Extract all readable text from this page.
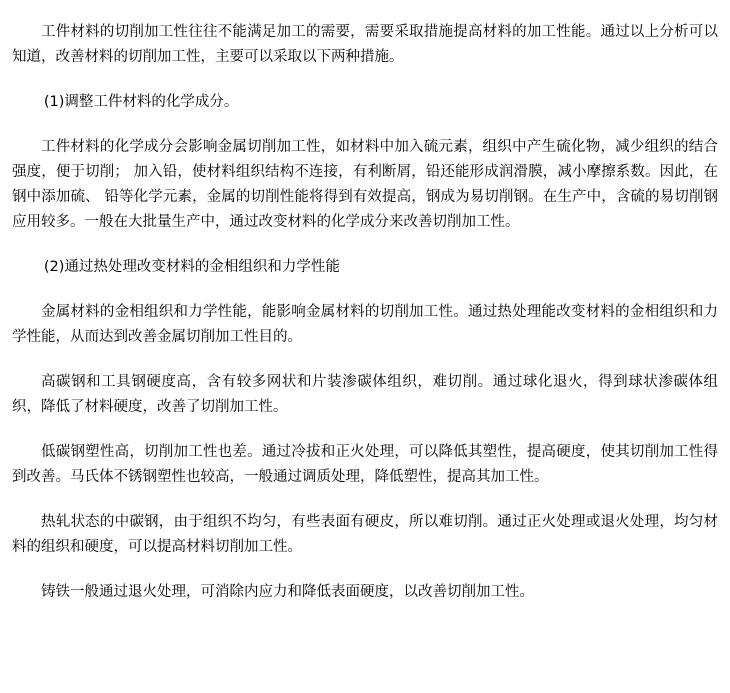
工件材料的切削加工性往往不能满足加工的需要，需要采取措施提高材料的加工性能。通过以上分析可以知道，改善材料的切削加工性，主要可以采取以下两种措施。

(1)调整工件材料的化学成分。

工件材料的化学成分会影响金属切削加工性，如材料中加入硫元素，组织中产生硫化物，减少组织的结合强度，便于切削； 加入铅，使材料组织结构不连接，有利断屑，铅还能形成润滑膜，减小摩擦系数。因此，在钢中添加硫、 铅等化学元素，金属的切削性能将得到有效提高，钢成为易切削钢。在生产中，含硫的易切削钢应用较多。一般在大批量生产中，通过改变材料的化学成分来改善切削加工性。

(2)通过热处理改变材料的金相组织和力学性能

金属材料的金相组织和力学性能，能影响金属材料的切削加工性。通过热处理能改变材料的金相组织和力学性能，从而达到改善金属切削加工性目的。

高碳钢和工具钢硬度高，含有较多网状和片装渗碳体组织，难切削。通过球化退火，得到球状渗碳体组织，降低了材料硬度，改善了切削加工性。

低碳钢塑性高，切削加工性也差。通过冷拔和正火处理，可以降低其塑性，提高硬度，使其切削加工性得到改善。马氏体不锈钢塑性也较高，一般通过调质处理，降低塑性，提高其加工性。

热轧状态的中碳钢，由于组织不均匀，有些表面有硬皮，所以难切削。通过正火处理或退火处理，均匀材料的组织和硬度，可以提高材料切削加工性。

铸铁一般通过退火处理，可消除内应力和降低表面硬度，以改善切削加工性。
